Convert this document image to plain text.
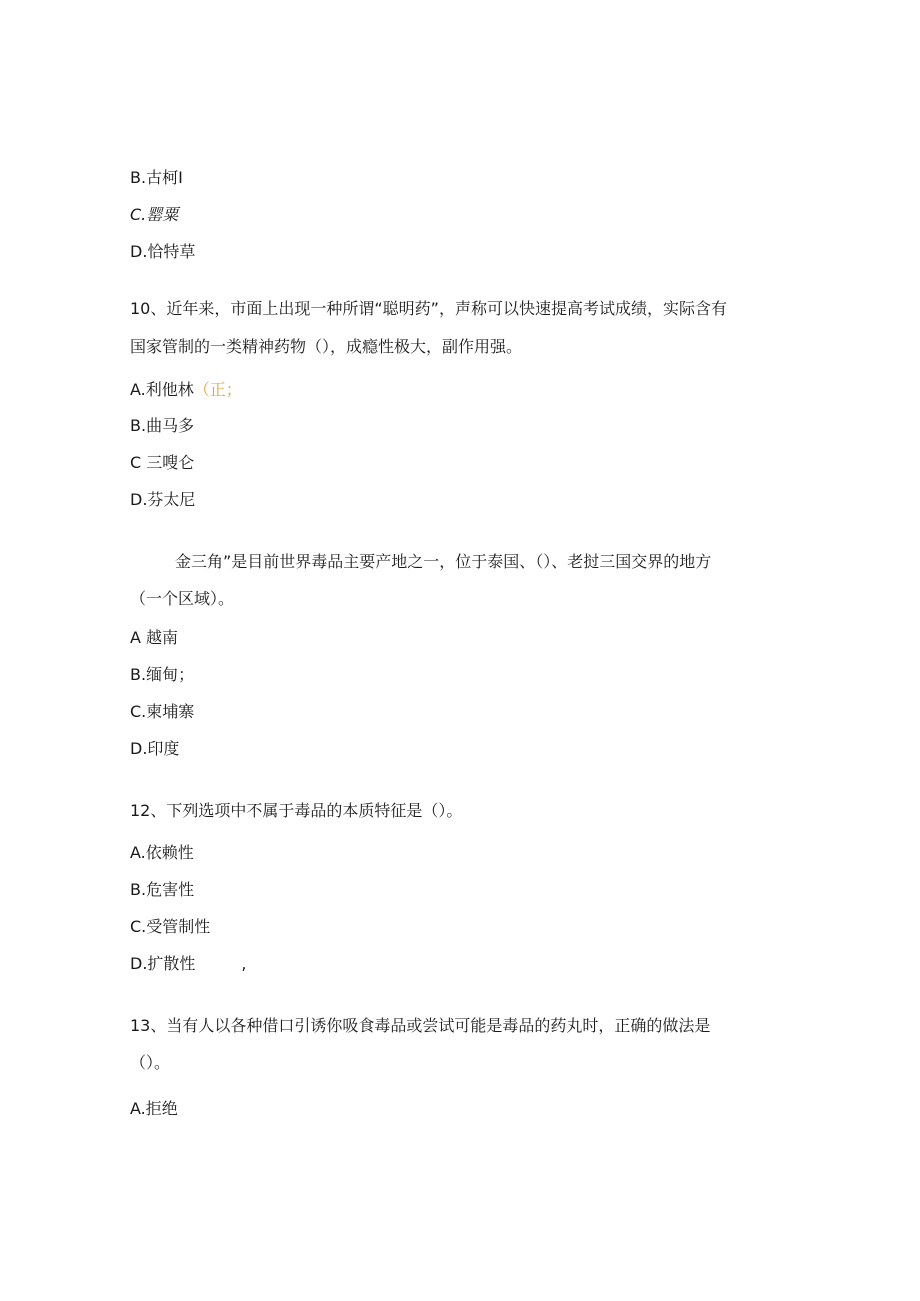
B.古柯Ⅰ
C.罂粟
D.恰特草
10、近年来，市面上出现一种所谓“聪明药”，声称可以快速提高考试成绩，实际含有
国家管制的一类精神药物（），成瘾性极大，副作用强。
A.利他林（正；
B.曲马多
C 三嗖仑
D.芬太尼
金三角”是目前世界毒品主要产地之一，位于泰国、（）、老挝三国交界的地方
（一个区域）。
A 越南
B.缅甸；
C.柬埔寨
D.印度
12、下列选项中不属于毒品的本质特征是（）。
A.依赖性
B.危害性
C.受管制性
D.扩散性	,
13、当有人以各种借口引诱你吸食毒品或尝试可能是毒品的药丸时，正确的做法是
（）。
A.拒绝
